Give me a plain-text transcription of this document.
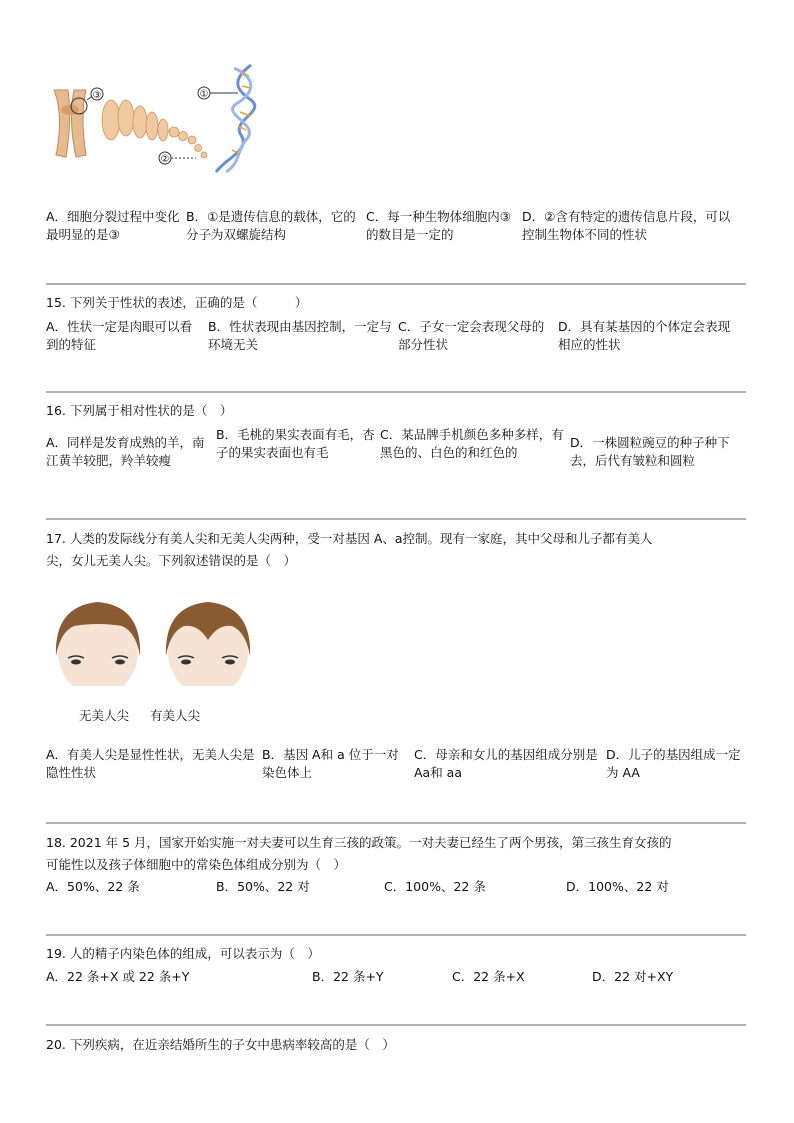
③	①
②
A．细胞分裂过程中变化最明显的是③
B．①是遗传信息的载体，它的分子为双螺旋结构
C．每一种生物体细胞内③的数目是一定的
D．②含有特定的遗传信息片段，可以控制生物体不同的性状
15. 下列关于性状的表述，正确的是（　　　）
A．性状一定是肉眼可以看到的特征
B．性状表现由基因控制，一定与环境无关
C．子女一定会表现父母的部分性状
D．具有某基因的个体定会表现相应的性状
16. 下列属于相对性状的是（　）
A．同样是发育成熟的羊，南江黄羊较肥，羚羊较瘦
B．毛桃的果实表面有毛，杏子的果实表面也有毛
C．某品牌手机颜色多种多样，有黑色的、白色的和红色的
D．一株圆粒豌豆的种子种下去，后代有皱粒和圆粒
17. 人类的发际线分有美人尖和无美人尖两种，受一对基因 A、a控制。现有一家庭，其中父母和儿子都有美人
尖，女儿无美人尖。下列叙述错误的是（　）
无美人尖 有美人尖
A．有美人尖是显性性状，无美人尖是隐性性状
B．基因 A和 a 位于一对染色体上
C．母亲和女儿的基因组成分别是 Aa和 aa
D．儿子的基因组成一定为 AA
18. 2021 年 5 月，国家开始实施一对夫妻可以生育三孩的政策。一对夫妻已经生了两个男孩，第三孩生育女孩的
可能性以及孩子体细胞中的常染色体组成分别为（　）
A．50%、22 条	B．50%、22 对	C．100%、22 条	D．100%、22 对
19. 人的精子内染色体的组成，可以表示为（　）
A．22 条+X 或 22 条+Y	B．22 条+Y	C．22 条+X	D．22 对+XY
20. 下列疾病，在近亲结婚所生的子女中患病率较高的是（　）
